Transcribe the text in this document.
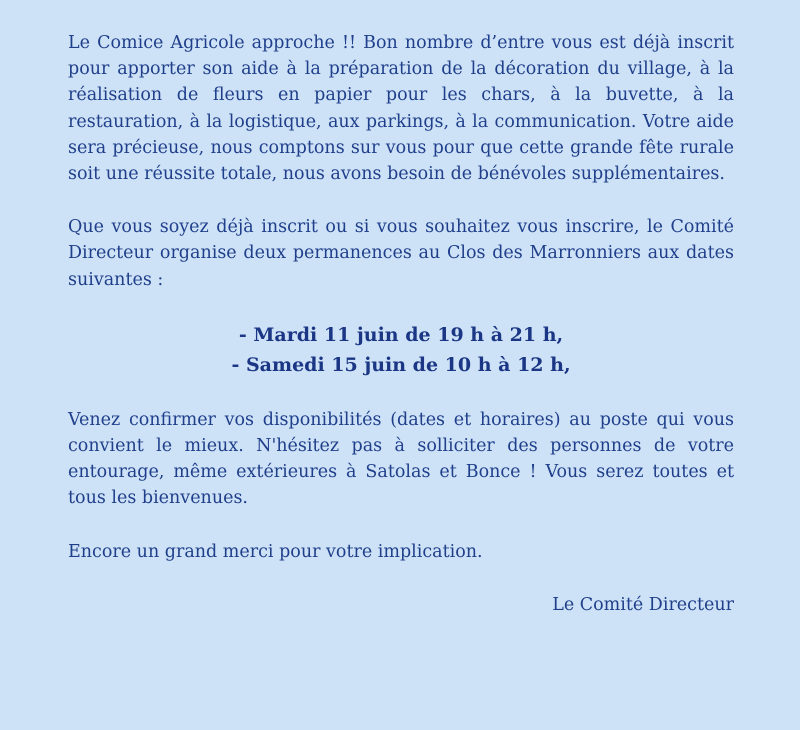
Le Comice Agricole approche !! Bon nombre d’entre vous est déjà inscrit pour apporter son aide à la préparation de la décoration du village, à la réalisation de fleurs en papier pour les chars, à la buvette, à la restauration, à la logistique, aux parkings, à la communication. Votre aide sera précieuse, nous comptons sur vous pour que cette grande fête rurale soit une réussite totale, nous avons besoin de bénévoles supplémentaires.

Que vous soyez déjà inscrit ou si vous souhaitez vous inscrire, le Comité Directeur organise deux permanences au Clos des Marronniers aux dates suivantes :

- Mardi 11 juin de 19 h à 21 h,

- Samedi 15 juin de 10 h à 12 h,

Venez confirmer vos disponibilités (dates et horaires) au poste qui vous convient le mieux. N'hésitez pas à solliciter des personnes de votre entourage, même extérieures à Satolas et Bonce ! Vous serez toutes et tous les bienvenues.

Encore un grand merci pour votre implication.

Le Comité Directeur
